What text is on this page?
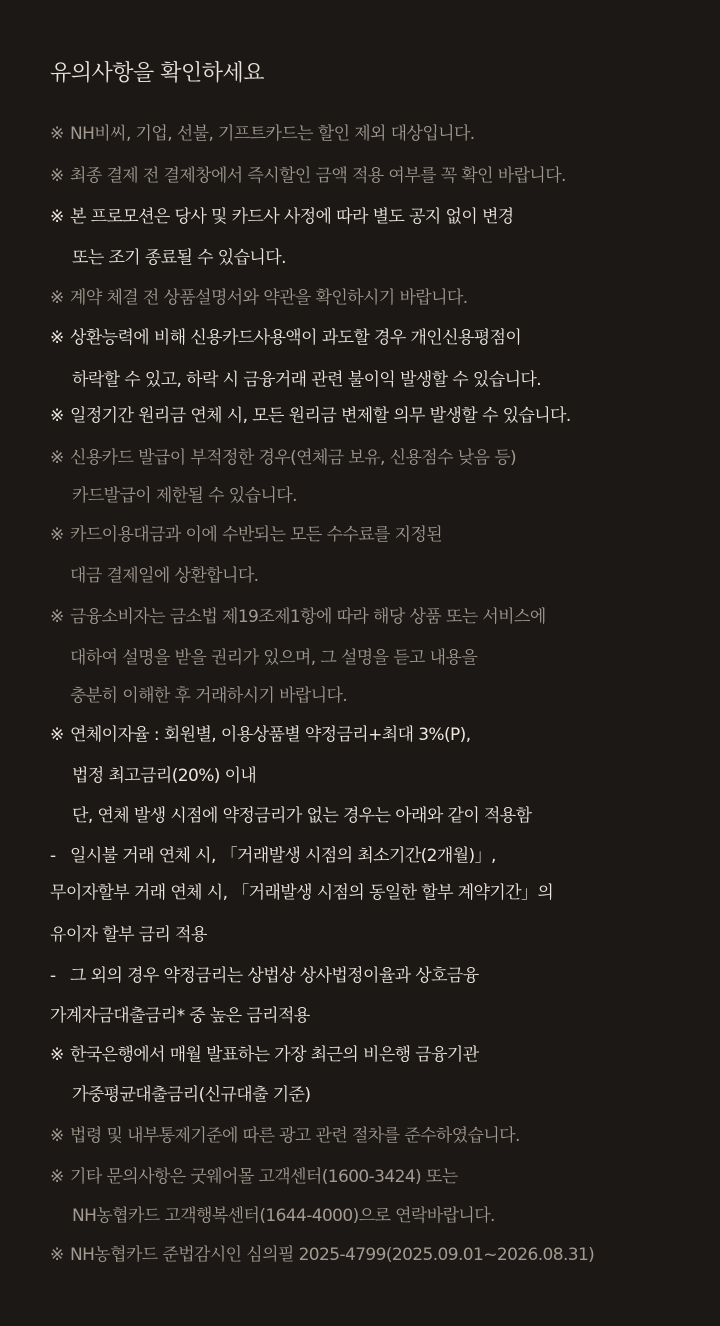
유의사항을 확인하세요
※ NH비씨, 기업, 선불, 기프트카드는 할인 제외 대상입니다.
※ 최종 결제 전 결제창에서 즉시할인 금액 적용 여부를 꼭 확인 바랍니다.
※ 본 프로모션은 당사 및 카드사 사정에 따라 별도 공지 없이 변경
또는 조기 종료될 수 있습니다.
※ 계약 체결 전 상품설명서와 약관을 확인하시기 바랍니다.
※ 상환능력에 비해 신용카드사용액이 과도할 경우 개인신용평점이
하락할 수 있고, 하락 시 금융거래 관련 불이익 발생할 수 있습니다.
※ 일정기간 원리금 연체 시, 모든 원리금 변제할 의무 발생할 수 있습니다.
※ 신용카드 발급이 부적정한 경우(연체금 보유, 신용점수 낮음 등)
카드발급이 제한될 수 있습니다.
※ 카드이용대금과 이에 수반되는 모든 수수료를 지정된
대금 결제일에 상환합니다.
※ 금융소비자는 금소법 제19조제1항에 따라 해당 상품 또는 서비스에
대하여 설명을 받을 권리가 있으며, 그 설명을 듣고 내용을
충분히 이해한 후 거래하시기 바랍니다.
※ 연체이자율 : 회원별, 이용상품별 약정금리+최대 3%(P),
법정 최고금리(20%) 이내
단, 연체 발생 시점에 약정금리가 없는 경우는 아래와 같이 적용함
- 일시불 거래 연체 시, 「거래발생 시점의 최소기간(2개월)」,
무이자할부 거래 연체 시, 「거래발생 시점의 동일한 할부 계약기간」의
유이자 할부 금리 적용
- 그 외의 경우 약정금리는 상법상 상사법정이율과 상호금융
가계자금대출금리* 중 높은 금리적용
※ 한국은행에서 매월 발표하는 가장 최근의 비은행 금융기관
가중평균대출금리(신규대출 기준)
※ 법령 및 내부통제기준에 따른 광고 관련 절차를 준수하였습니다.
※ 기타 문의사항은 굿웨어몰 고객센터(1600-3424) 또는
NH농협카드 고객행복센터(1644-4000)으로 연락바랍니다.
※ NH농협카드 준법감시인 심의필 2025-4799(2025.09.01~2026.08.31)
